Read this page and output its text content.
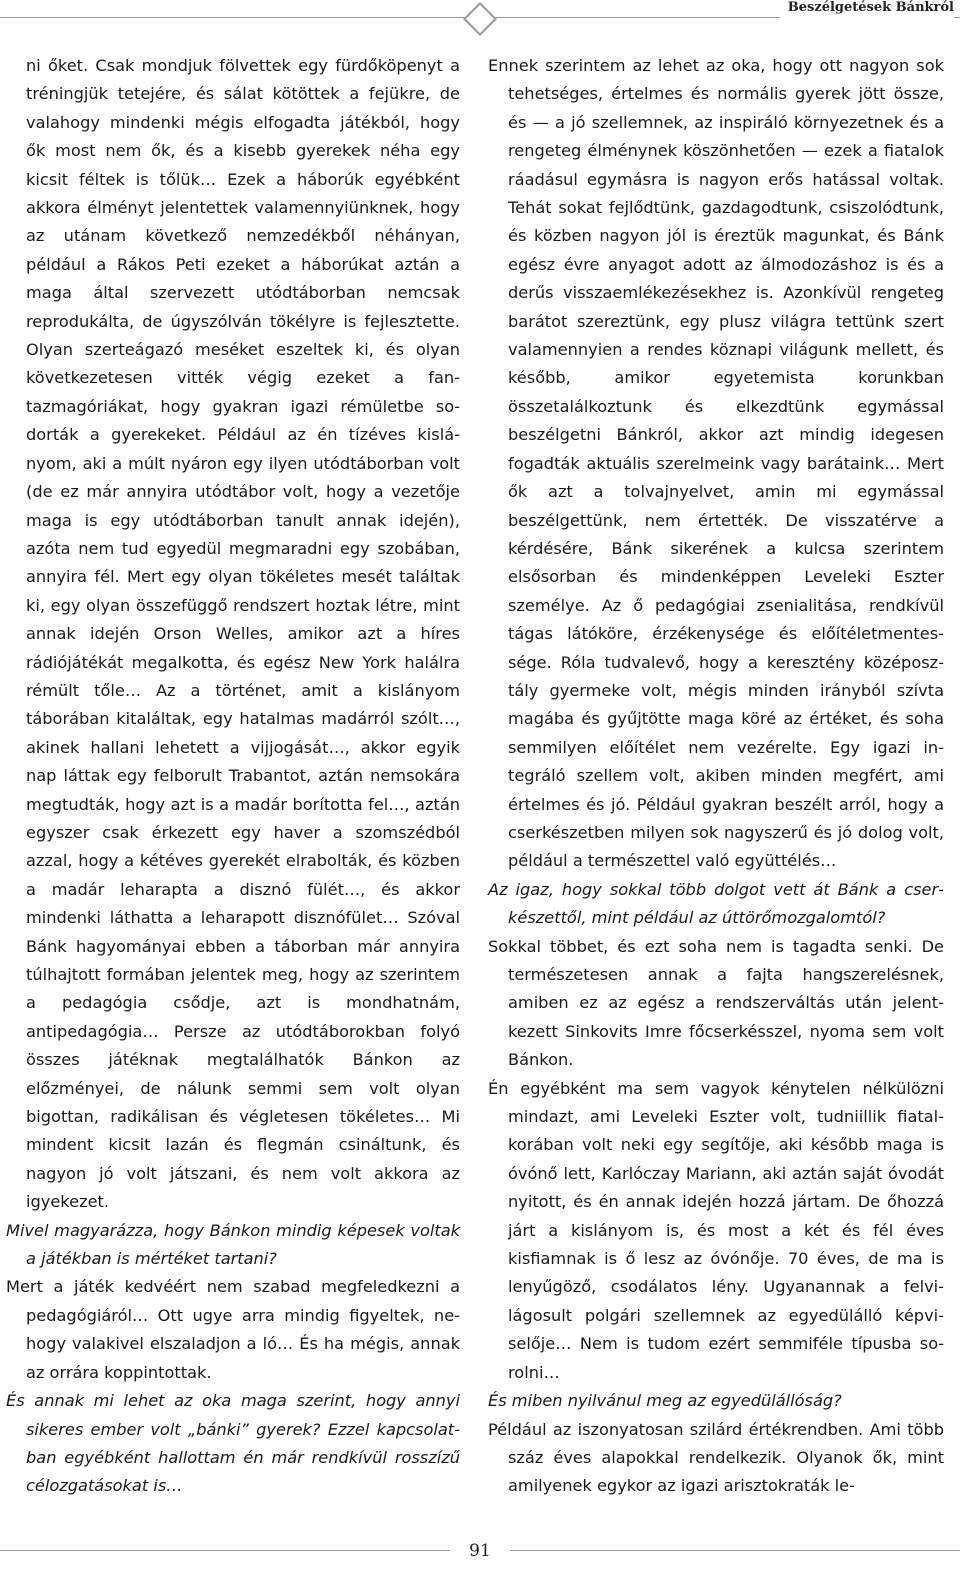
Beszélgetések Bánkról

ni őket. Csak mondjuk fölvettek egy fürdőköpenyt a tréningjük tetejére, és sálat kötöttek a fejükre, de valahogy mindenki mégis elfogadta játékból, hogy ők most nem ők, és a kisebb gyerekek néha egy kicsit féltek is tőlük… Ezek a háborúk egyébként akkora élményt jelentettek valamennyiünknek, hogy az utánam következő nemzedékből néhányan, például a Rákos Peti ezeket a háborúkat aztán a maga által szervezett utódtáborban nemcsak reprodukálta, de úgyszólván tökélyre is fejlesztette. Olyan szerteágazó meséket eszeltek ki, és olyan következetesen vitték végig ezeket a fantazmagóriákat, hogy gyakran igazi rémületbe sodorták a gyerekeket. Például az én tízéves kislányom, aki a múlt nyáron egy ilyen utódtáborban volt (de ez már annyira utódtábor volt, hogy a vezetője maga is egy utódtáborban tanult annak idején), azóta nem tud egyedül megmaradni egy szobában, annyira fél. Mert egy olyan tökéletes mesét találtak ki, egy olyan összefüggő rendszert hoztak létre, mint annak idején Orson Welles, amikor azt a híres rádiójátékát megalkotta, és egész New York halálra rémült tőle… Az a történet, amit a kislányom táborában kitaláltak, egy hatalmas madárról szólt…, akinek hallani lehetett a vijjogását…, akkor egyik nap láttak egy felborult Trabantot, aztán nemsokára megtudták, hogy azt is a madár borította fel…, aztán egyszer csak érkezett egy haver a szomszédból azzal, hogy a kétéves gyerekét elrabolták, és közben a madár leharapta a disznó fülét…, és akkor mindenki láthatta a leharapott disznófület… Szóval Bánk hagyományai ebben a táborban már annyira túlhajtott formában jelentek meg, hogy az szerintem a pedagógia csődje, azt is mondhatnám, antipedagógia… Persze az utódtáborokban folyó összes játéknak megtalálhatók Bánkon az előzményei, de nálunk semmi sem volt olyan bigottan, radikálisan és végletesen tökéletes… Mi mindent kicsit lazán és flegmán csináltunk, és nagyon jó volt játszani, és nem volt akkora az igyekezet.

Mivel magyarázza, hogy Bánkon mindig képesek voltak a játékban is mértéket tartani?

Mert a játék kedvéért nem szabad megfeledkezni a pedagógiáról… Ott ugye arra mindig figyeltek, nehogy valakivel elszaladjon a ló… És ha mégis, annak az orrára koppintottak.

És annak mi lehet az oka maga szerint, hogy annyi sikeres ember volt „bánki” gyerek? Ezzel kapcsolatban egyébként hallottam én már rendkívül rosszízű célozgatásokat is…

Ennek szerintem az lehet az oka, hogy ott nagyon sok tehetséges, értelmes és normális gyerek jött össze, és — a jó szellemnek, az inspiráló környezetnek és a rengeteg élménynek köszönhetően — ezek a fiatalok ráadásul egymásra is nagyon erős hatással voltak. Tehát sokat fejlődtünk, gazdagodtunk, csiszolódtunk, és közben nagyon jól is éreztük magunkat, és Bánk egész évre anyagot adott az álmodozáshoz is és a derűs visszaemlékezésekhez is. Azonkívül rengeteg barátot szereztünk, egy plusz világra tettünk szert valamennyien a rendes köznapi világunk mellett, és később, amikor egyetemista korunkban összetalálkoztunk és elkezdtünk egymással beszélgetni Bánkról, akkor azt mindig idegesen fogadták aktuális szerelmeink vagy barátaink… Mert ők azt a tolvajnyelvet, amin mi egymással beszélgettünk, nem értették. De visszatérve a kérdésére, Bánk sikerének a kulcsa szerintem elsősorban és mindenképpen Leveleki Eszter személye. Az ő pedagógiai zsenialitása, rendkívül tágas látóköre, érzékenysége és előítéletmentessége. Róla tudvalevő, hogy a keresztény középosztály gyermeke volt, mégis minden irányból szívta magába és gyűjtötte maga köré az értéket, és soha semmilyen előítélet nem vezérelte. Egy igazi integráló szellem volt, akiben minden megfért, ami értelmes és jó. Például gyakran beszélt arról, hogy a cserkészetben milyen sok nagyszerű és jó dolog volt, például a természettel való együttélés…

Az igaz, hogy sokkal több dolgot vett át Bánk a cserkészettől, mint például az úttörőmozgalomtól?

Sokkal többet, és ezt soha nem is tagadta senki. De természetesen annak a fajta hangszerelésnek, amiben ez az egész a rendszerváltás után jelentkezett Sinkovits Imre főcserkésszel, nyoma sem volt Bánkon.

Én egyébként ma sem vagyok kénytelen nélkülözni mindazt, ami Leveleki Eszter volt, tudniillik fiatalkorában volt neki egy segítője, aki később maga is óvónő lett, Karlóczay Mariann, aki aztán saját óvodát nyitott, és én annak idején hozzá jártam. De őhozzá járt a kislányom is, és most a két és fél éves kisfiamnak is ő lesz az óvónője. 70 éves, de ma is lenyűgöző, csodálatos lény. Ugyanannak a felvilágosult polgári szellemnek az egyedülálló képviselője… Nem is tudom ezért semmiféle típusba sorolni…

És miben nyilvánul meg az egyedülállóság?

Például az iszonyatosan szilárd értékrendben. Ami több száz éves alapokkal rendelkezik. Olyanok ők, mint amilyenek egykor az igazi arisztokraták le-

91
